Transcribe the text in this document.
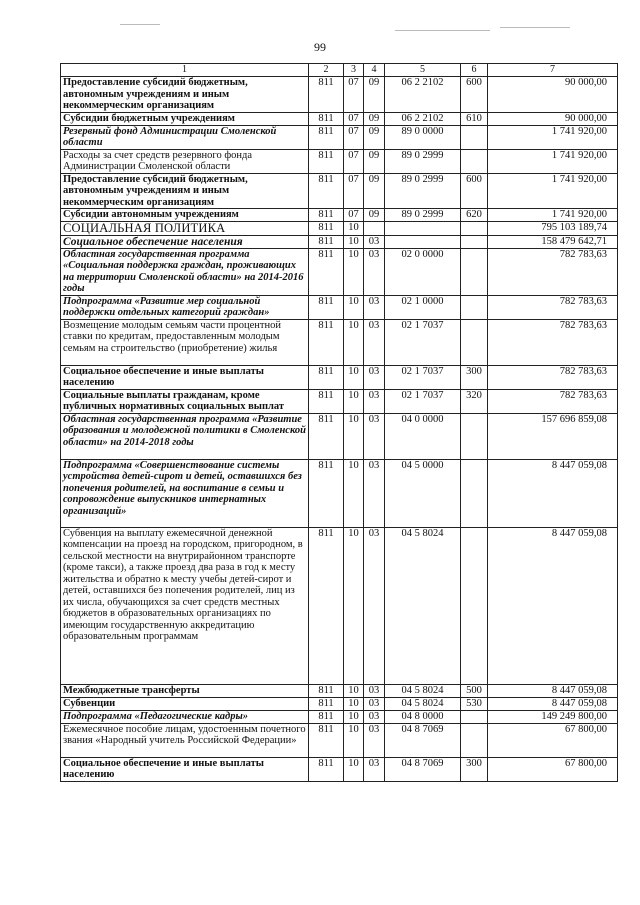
99
1	2	3	4	5	6	7
Предоставление субсидий бюджетным, автономным учреждениям и иным некоммерческим организациям	811	07	09	06 2 2102	600	90 000,00
Субсидии бюджетным учреждениям	811	07	09	06 2 2102	610	90 000,00
Резервный фонд Администрации Смоленской области	811	07	09	89 0 0000		1 741 920,00
Расходы за счет средств резервного фонда Администрации Смоленской области	811	07	09	89 0 2999		1 741 920,00
Предоставление субсидий бюджетным, автономным учреждениям и иным некоммерческим организациям	811	07	09	89 0 2999	600	1 741 920,00
Субсидии автономным учреждениям	811	07	09	89 0 2999	620	1 741 920,00
СОЦИАЛЬНАЯ ПОЛИТИКА	811	10				795 103 189,74
Социальное обеспечение населения	811	10	03			158 479 642,71
Областная государственная программа «Социальная поддержка граждан, проживающих на территории Смоленской области» на 2014-2016 годы	811	10	03	02 0 0000		782 783,63
Подпрограмма «Развитие мер социальной поддержки отдельных категорий граждан»	811	10	03	02 1 0000		782 783,63
Возмещение молодым семьям части процентной ставки по кредитам, предоставленным молодым семьям на строительство (приобретение) жилья	811	10	03	02 1 7037		782 783,63
Социальное обеспечение и иные выплаты населению	811	10	03	02 1 7037	300	782 783,63
Социальные выплаты гражданам, кроме публичных нормативных социальных выплат	811	10	03	02 1 7037	320	782 783,63
Областная государственная программа «Развитие образования и молодежной политики в Смоленской области» на 2014-2018 годы	811	10	03	04 0 0000		157 696 859,08
Подпрограмма «Совершенствование системы устройства детей-сирот и детей, оставшихся без попечения родителей, на воспитание в семьи и сопровождение выпускников интернатных организаций»	811	10	03	04 5 0000		8 447 059,08
Субвенция на выплату ежемесячной денежной компенсации на проезд на городском, пригородном, в сельской местности на внутрирайонном транспорте (кроме такси), а также проезд два раза в год к месту жительства и обратно к месту учебы детей-сирот и детей, оставшихся без попечения родителей, лиц из их числа, обучающихся за счет средств местных бюджетов в образовательных организациях по имеющим государственную аккредитацию образовательным программам	811	10	03	04 5 8024		8 447 059,08
Межбюджетные трансферты	811	10	03	04 5 8024	500	8 447 059,08
Субвенции	811	10	03	04 5 8024	530	8 447 059,08
Подпрограмма «Педагогические кадры»	811	10	03	04 8 0000		149 249 800,00
Ежемесячное пособие лицам, удостоенным почетного звания «Народный учитель Российской Федерации»	811	10	03	04 8 7069		67 800,00
Социальное обеспечение и иные выплаты населению	811	10	03	04 8 7069	300	67 800,00
